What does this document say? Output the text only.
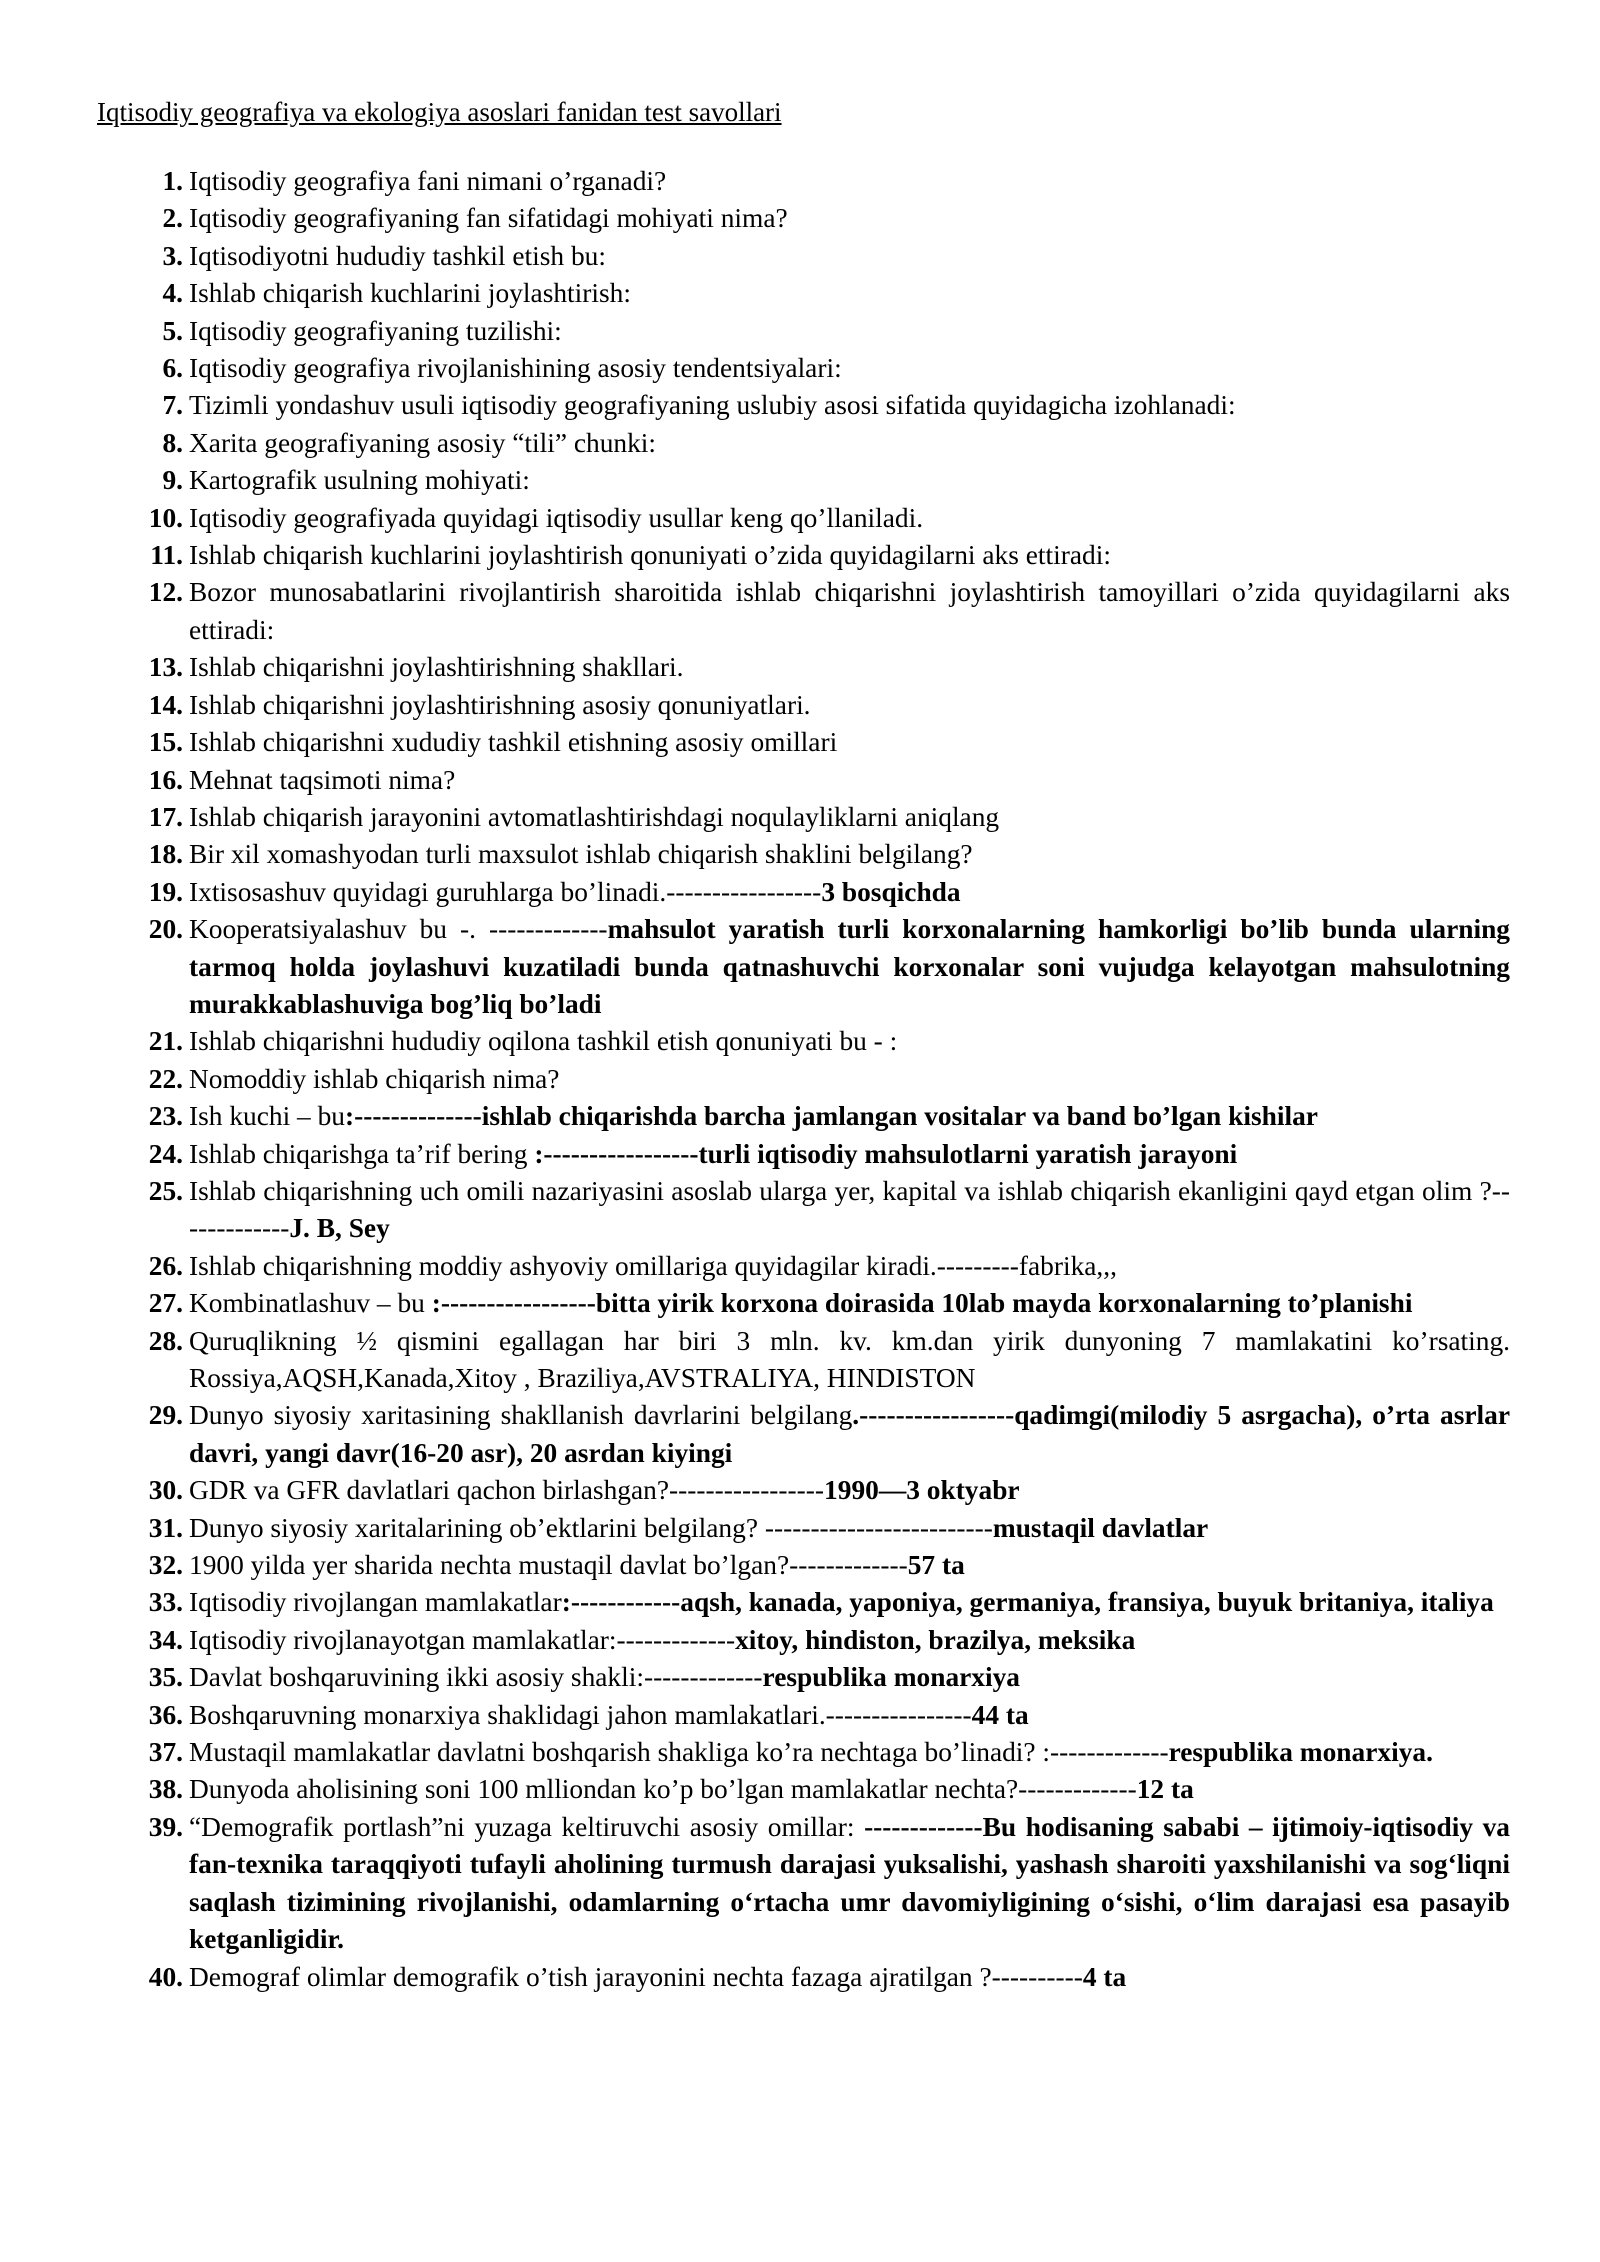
Iqtisodiy geografiya va ekologiya asoslari fanidan test savollari
1. Iqtisodiy geografiya fani nimani o’rganadi?
2. Iqtisodiy geografiyaning fan sifatidagi mohiyati nima?
3. Iqtisodiyotni hududiy tashkil etish bu:
4. Ishlab chiqarish kuchlarini joylashtirish:
5. Iqtisodiy geografiyaning tuzilishi:
6. Iqtisodiy geografiya rivojlanishining asosiy tendentsiyalari:
7. Tizimli yondashuv usuli iqtisodiy geografiyaning uslubiy asosi sifatida quyidagicha izohlanadi:
8. Xarita geografiyaning asosiy “tili” chunki:
9. Kartografik usulning mohiyati:
10. Iqtisodiy geografiyada quyidagi iqtisodiy usullar keng qo’llaniladi.
11. Ishlab chiqarish kuchlarini joylashtirish qonuniyati o’zida quyidagilarni aks ettiradi:
12. Bozor munosabatlarini rivojlantirish sharoitida ishlab chiqarishni joylashtirish tamoyillari o’zida quyidagilarni aks ettiradi:
13. Ishlab chiqarishni joylashtirishning shakllari.
14. Ishlab chiqarishni joylashtirishning asosiy qonuniyatlari.
15. Ishlab chiqarishni xududiy tashkil etishning asosiy omillari
16. Mehnat taqsimoti nima?
17. Ishlab chiqarish jarayonini avtomatlashtirishdagi noqulayliklarni aniqlang
18. Bir xil xomashyodan turli maxsulot ishlab chiqarish shaklini belgilang?
19. Ixtisosashuv quyidagi guruhlarga bo’linadi.-----------------3 bosqichda
20. Kooperatsiyalashuv bu -. -------------mahsulot yaratish turli korxonalarning hamkorligi bo’lib bunda ularning tarmoq holda joylashuvi kuzatiladi bunda qatnashuvchi korxonalar soni vujudga kelayotgan mahsulotning murakkablashuviga bog’liq bo’ladi
21. Ishlab chiqarishni hududiy oqilona tashkil etish qonuniyati bu - :
22. Nomoddiy ishlab chiqarish nima?
23. Ish kuchi – bu:--------------ishlab chiqarishda barcha jamlangan vositalar va band bo’lgan kishilar
24. Ishlab chiqarishga ta’rif bering :-----------------turli iqtisodiy mahsulotlarni yaratish jarayoni
25. Ishlab chiqarishning uch omili nazariyasini asoslab ularga yer, kapital va ishlab chiqarish ekanligini qayd etgan olim ?-------------J. B, Sey
26. Ishlab chiqarishning moddiy ashyoviy omillariga quyidagilar kiradi.---------fabrika,,,
27. Kombinatlashuv – bu :-----------------bitta yirik korxona doirasida 10lab mayda korxonalarning to’planishi
28. Quruqlikning ½ qismini egallagan har biri 3 mln. kv. km.dan yirik dunyoning 7 mamlakatini ko’rsating. Rossiya,AQSH,Kanada,Xitoy , Braziliya,AVSTRALIYA, HINDISTON
29. Dunyo siyosiy xaritasining shakllanish davrlarini belgilang.-----------------qadimgi(milodiy 5 asrgacha), o’rta asrlar davri, yangi davr(16-20 asr), 20 asrdan kiyingi
30. GDR va GFR davlatlari qachon birlashgan?-----------------1990—3 oktyabr
31. Dunyo siyosiy xaritalarining ob’ektlarini belgilang? -------------------------mustaqil davlatlar
32. 1900 yilda yer sharida nechta mustaqil davlat bo’lgan?-------------57 ta
33. Iqtisodiy rivojlangan mamlakatlar:------------aqsh, kanada, yaponiya, germaniya, fransiya, buyuk britaniya, italiya
34. Iqtisodiy rivojlanayotgan mamlakatlar:-------------xitoy, hindiston, brazilya, meksika
35. Davlat boshqaruvining ikki asosiy shakli:-------------respublika monarxiya
36. Boshqaruvning monarxiya shaklidagi jahon mamlakatlari.----------------44 ta
37. Mustaqil mamlakatlar davlatni boshqarish shakliga ko’ra nechtaga bo’linadi? :-------------respublika monarxiya.
38. Dunyoda aholisining soni 100 mlliondan ko’p bo’lgan mamlakatlar nechta?-------------12 ta
39. “Demografik portlash”ni yuzaga keltiruvchi asosiy omillar: -------------Bu hodisaning sababi – ijtimoiy-iqtisodiy va fan-texnika taraqqiyoti tufayli aholining turmush darajasi yuksalishi, yashash sharoiti yaxshilanishi va sog‘liqni saqlash tizimining rivojlanishi, odamlarning o‘rtacha umr davomiyligining o‘sishi, o‘lim darajasi esa pasayib ketganligidir.
40. Demograf olimlar demografik o’tish jarayonini nechta fazaga ajratilgan ?----------4 ta
